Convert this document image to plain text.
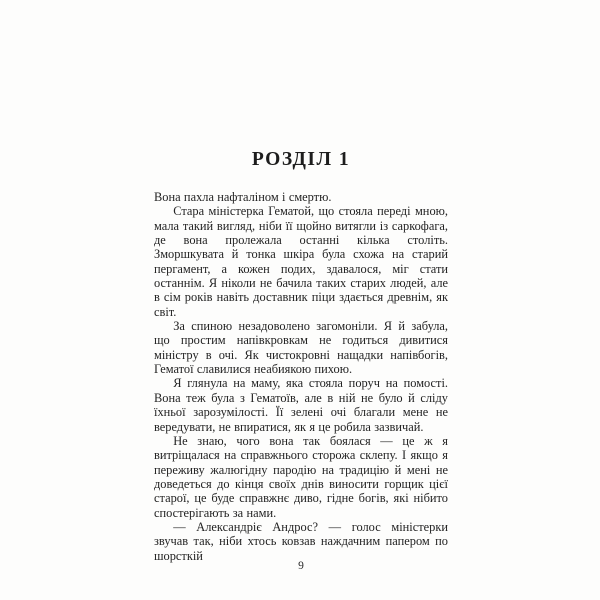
РОЗДІЛ 1

Вона пахла нафталіном і смертю.

Стара міністерка Гематой, що стояла переді мною, мала такий вигляд, ніби її щойно витягли із саркофага, де вона пролежала останні кілька століть. Зморшкувата й тонка шкіра була схожа на старий пергамент, а кожен подих, здавалося, міг стати останнім. Я ніколи не бачила таких старих людей, але в сім років навіть доставник піци здається древнім, як світ.

За спиною незадоволено загомоніли. Я й забула, що простим напівкровкам не годиться дивитися міністру в очі. Як чистокровні нащадки напівбогів, Гематої славилися неабиякою пихою.

Я глянула на маму, яка стояла поруч на помості. Вона теж була з Гематоїв, але в ній не було й сліду їхньої зарозумілості. Її зелені очі благали мене не вередувати, не впиратися, як я це робила зазвичай.

Не знаю, чого вона так боялася — це ж я витріщалася на справжнього сторожа склепу. І якщо я переживу жалюгідну пародію на традицію й мені не доведеться до кінця своїх днів виносити горщик цієї старої, це буде справжнє диво, гідне богів, які нібито спостерігають за нами.

— Александріє Андрос? — голос міністерки звучав так, ніби хтось ковзав наждачним папером по шорсткій

9
